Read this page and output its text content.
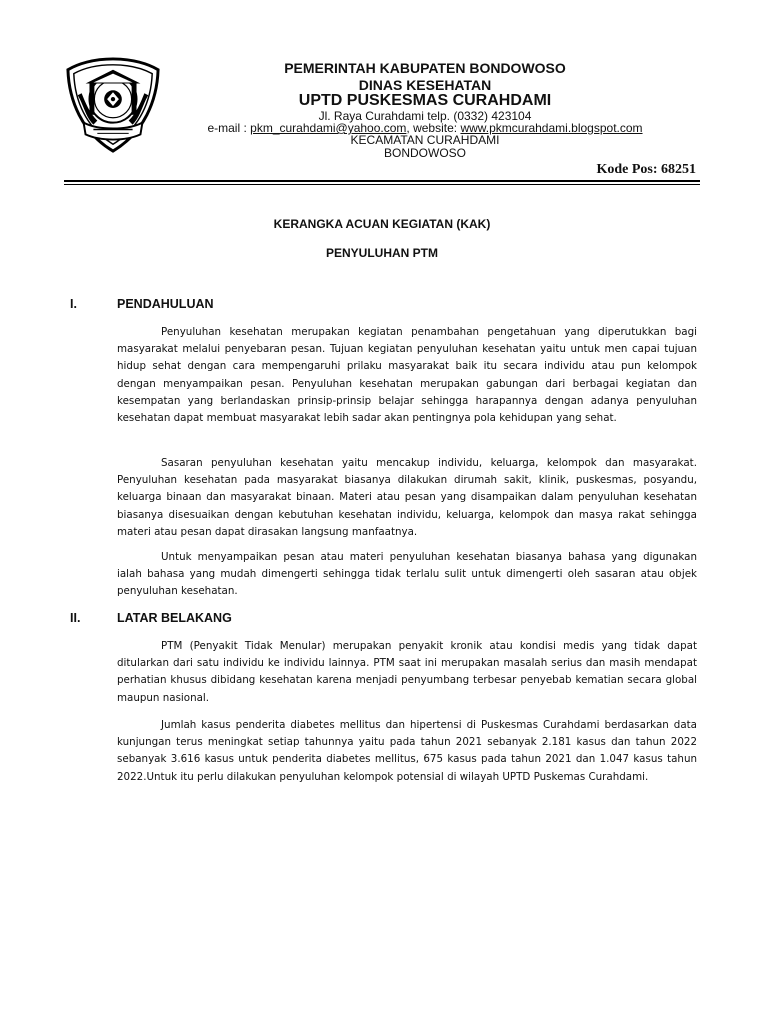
PEMERINTAH KABUPATEN BONDOWOSO
DINAS KESEHATAN
UPTD PUSKESMAS CURAHDAMI
Jl. Raya Curahdami telp. (0332) 423104
e-mail : pkm_curahdami@yahoo.com, website: www.pkmcurahdami.blogspot.com
KECAMATAN CURAHDAMI
BONDOWOSO
Kode Pos: 68251
KERANGKA ACUAN KEGIATAN (KAK)
PENYULUHAN PTM
I.	PENDAHULUAN

Penyuluhan kesehatan merupakan kegiatan penambahan pengetahuan yang diperutukkan bagi masyarakat melalui penyebaran pesan. Tujuan kegiatan penyuluhan kesehatan yaitu untuk men capai tujuan hidup sehat dengan cara mempengaruhi prilaku masyarakat baik itu secara individu atau pun kelompok dengan menyampaikan pesan. Penyuluhan kesehatan merupakan gabungan dari berbagai kegiatan dan kesempatan yang berlandaskan prinsip-prinsip belajar sehingga harapannya dengan adanya penyuluhan kesehatan dapat membuat masyarakat lebih sadar akan pentingnya pola kehidupan yang sehat.

Sasaran penyuluhan kesehatan yaitu mencakup individu, keluarga, kelompok dan masyarakat. Penyuluhan kesehatan pada masyarakat biasanya dilakukan dirumah sakit, klinik, puskesmas, posyandu, keluarga binaan dan masyarakat binaan. Materi atau pesan yang disampaikan dalam penyuluhan kesehatan biasanya disesuaikan dengan kebutuhan kesehatan individu, keluarga, kelompok dan masya rakat sehingga materi atau pesan dapat dirasakan langsung manfaatnya.

Untuk menyampaikan pesan atau materi penyuluhan kesehatan biasanya bahasa yang digunakan ialah bahasa yang mudah dimengerti sehingga tidak terlalu sulit untuk dimengerti oleh sasaran atau objek penyuluhan kesehatan.

II.	LATAR BELAKANG

PTM (Penyakit Tidak Menular) merupakan penyakit kronik atau kondisi medis yang tidak dapat ditularkan dari satu individu ke individu lainnya. PTM saat ini merupakan masalah serius dan masih mendapat perhatian khusus dibidang kesehatan karena menjadi penyumbang terbesar penyebab kematian secara global maupun nasional.

Jumlah kasus penderita diabetes mellitus dan hipertensi di Puskesmas Curahdami berdasarkan data kunjungan terus meningkat setiap tahunnya yaitu pada tahun 2021 sebanyak 2.181 kasus dan tahun 2022 sebanyak 3.616 kasus untuk penderita diabetes mellitus, 675 kasus pada tahun 2021 dan 1.047 kasus tahun 2022.Untuk itu perlu dilakukan penyuluhan kelompok potensial di wilayah UPTD Puskemas Curahdami.
